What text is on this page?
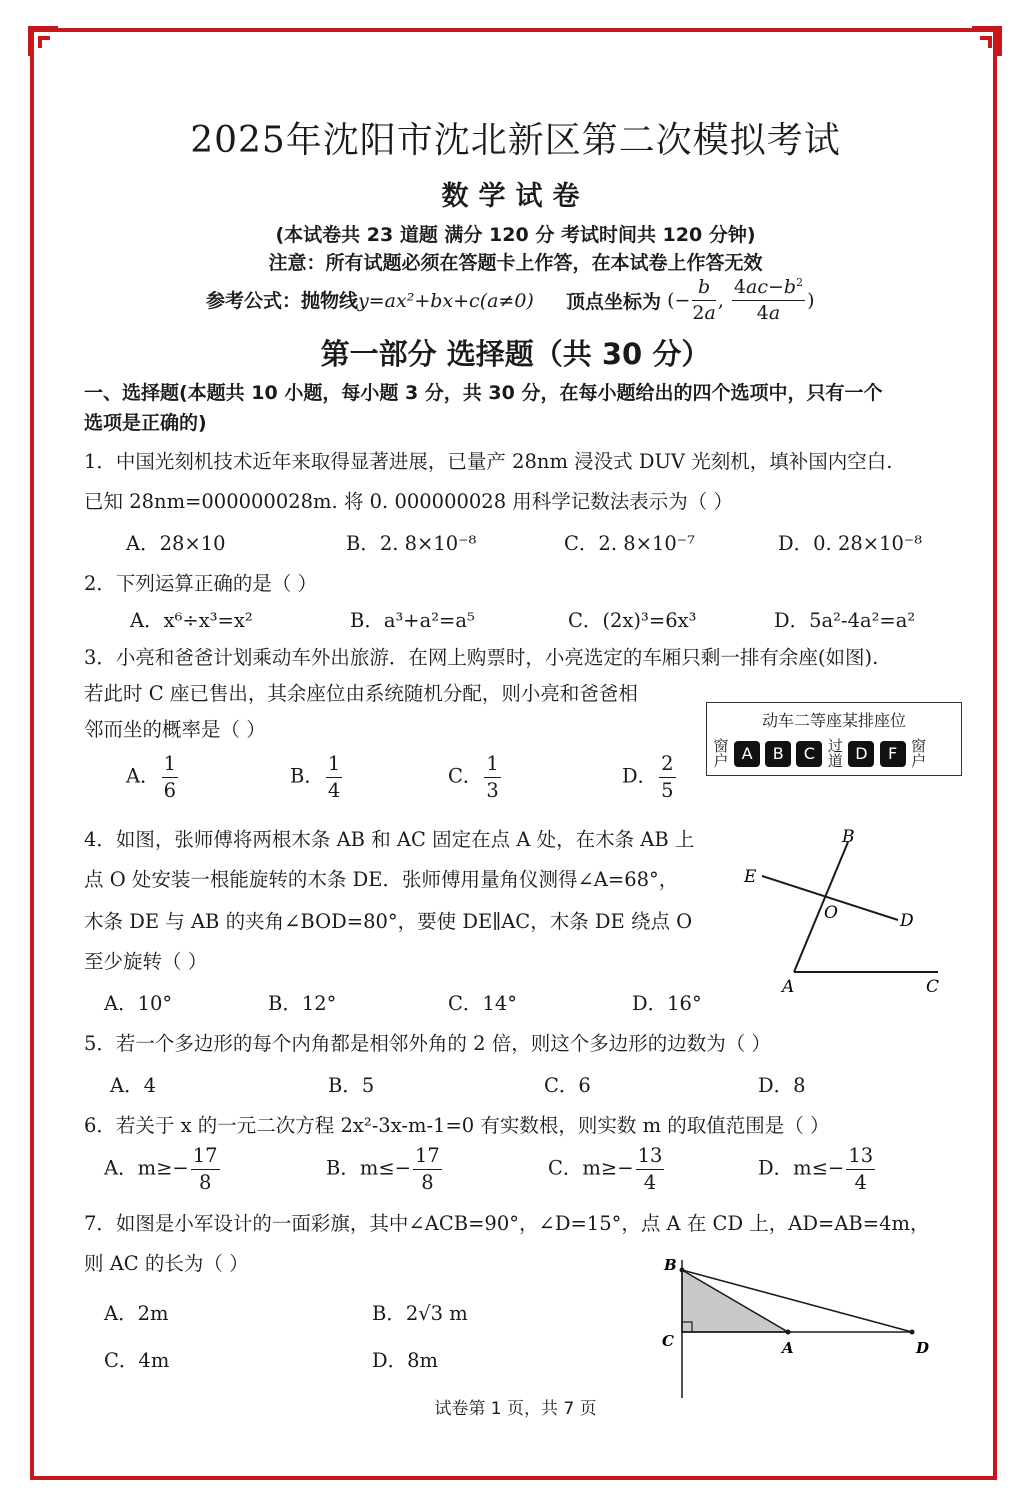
2025年沈阳市沈北新区第二次模拟考试
数学试卷
(本试卷共 23 道题 满分 120 分 考试时间共 120 分钟)
注意：所有试题必须在答题卡上作答，在本试卷上作答无效
参考公式：抛物线y=ax²+bx+c(a≠0) 顶点坐标为 (− $\frac{b}{2a}$ , $\frac{4ac-b^2}{4a}$ )
第一部分 选择题（共 30 分）
一、选择题(本题共 10 小题，每小题 3 分，共 30 分，在每小题给出的四个选项中，只有一个
选项是正确的)
1．中国光刻机技术近年来取得显著进展，已量产 28nm 浸没式 DUV 光刻机，填补国内空白.
已知 28nm=000000028m. 将 0. 000000028 用科学记数法表示为（ ）
A．28×10	B．2. 8×10⁻⁸	C．2. 8×10⁻⁷	D．0. 28×10⁻⁸
2．下列运算正确的是（ ）
A．x⁶÷x³=x²	B．a³+a²=a⁵	C．(2x)³=6x³	D．5a²-4a²=a²
3．小亮和爸爸计划乘动车外出旅游．在网上购票时，小亮选定的车厢只剩一排有余座(如图).
若此时 C 座已售出，其余座位由系统随机分配，则小亮和爸爸相
邻而坐的概率是（ ）	动车二等座某排座位
窗户 A B C 过道 D F 窗户
A． $\frac{1}{6}$	B． $\frac{1}{4}$	C． $\frac{1}{3}$	D． $\frac{2}{5}$
4．如图，张师傅将两根木条 AB 和 AC 固定在点 A 处，在木条 AB 上
点 O 处安装一根能旋转的木条 DE．张师傅用量角仪测得∠A=68°，
木条 DE 与 AB 的夹角∠BOD=80°，要使 DE∥AC，木条 DE 绕点 O
至少旋转（ ）
A．10°	B．12°	C．14°	D．16°
B
E
O	D
A	C
5．若一个多边形的每个内角都是相邻外角的 2 倍，则这个多边形的边数为（ ）
A．4	B．5	C．6	D．8
6．若关于 x 的一元二次方程 2x²-3x-m-1=0 有实数根，则实数 m 的取值范围是（ ）
A．$m\ge- \frac{17}{8}$	B．$m\le- \frac{17}{8}$	C．$m\ge- \frac{13}{4}$	D．$m\le- \frac{13}{4}$
7．如图是小军设计的一面彩旗，其中∠ACB=90°，∠D=15°，点 A 在 CD 上，AD=AB=4m，
则 AC 的长为（ ）
A．2m	B．2√3 m
C．4m	D．8m
B
C	A	D
试卷第 1 页，共 7 页
